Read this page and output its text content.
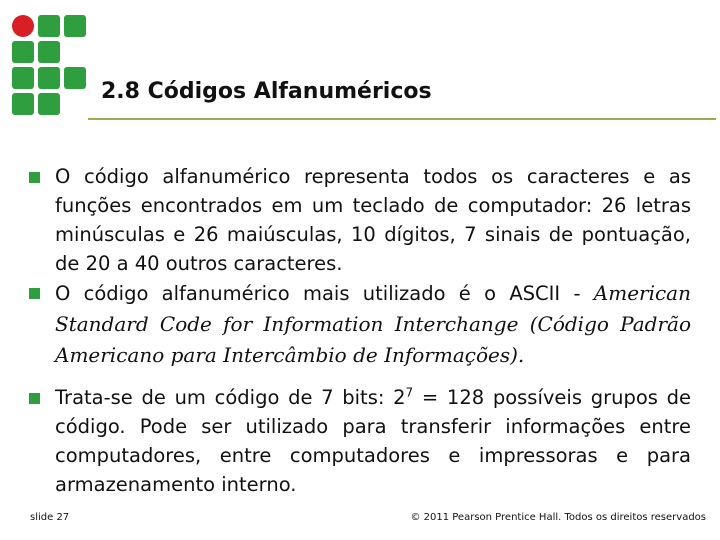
2.8 Códigos Alfanuméricos

O código alfanumérico representa todos os caracteres e as funções encontrados em um teclado de computador: 26 letras minúsculas e 26 maiúsculas, 10 dígitos, 7 sinais de pontuação, de 20 a 40 outros caracteres.

O código alfanumérico mais utilizado é o ASCII - American Standard Code for Information Interchange (Código Padrão Americano para Intercâmbio de Informações).

Trata-se de um código de 7 bits: $2^7 = 128$ possíveis grupos de código. Pode ser utilizado para transferir informações entre computadores, entre computadores e impressoras e para armazenamento interno.

slide 27	© 2011 Pearson Prentice Hall. Todos os direitos reservados
